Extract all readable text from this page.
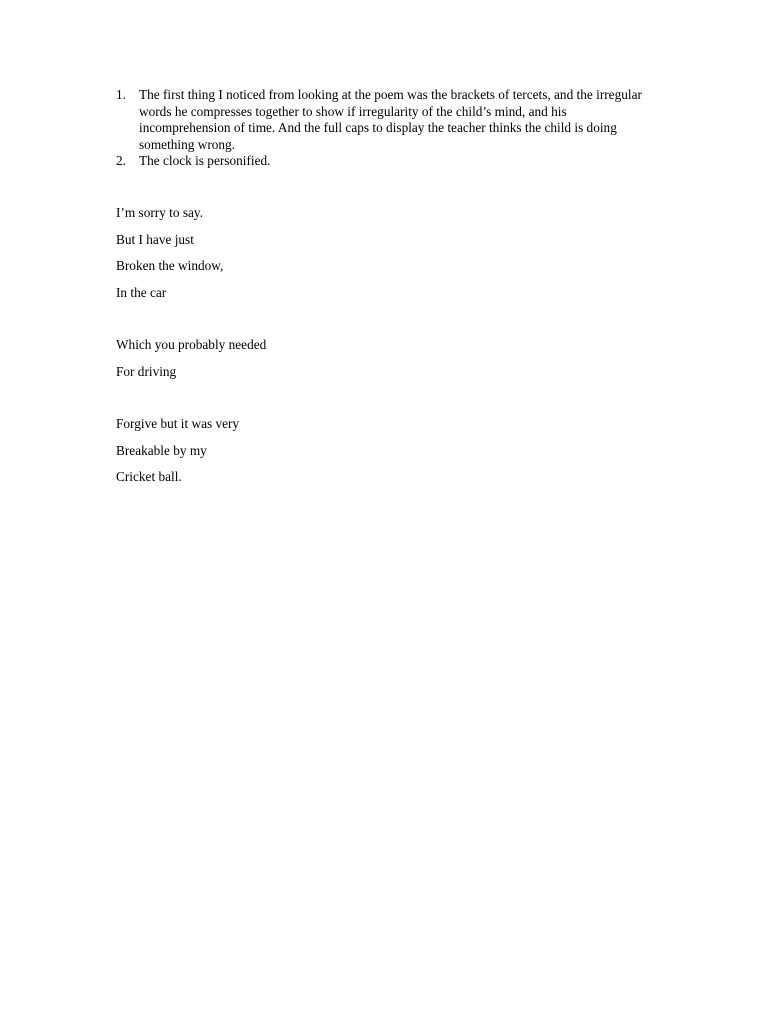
1. The first thing I noticed from looking at the poem was the brackets of tercets, and the irregular words he compresses together to show if irregularity of the child’s mind, and his incomprehension of time. And the full caps to display the teacher thinks the child is doing something wrong.
2. The clock is personified.
I’m sorry to say.
But I have just
Broken the window,
In the car
Which you probably needed
For driving
Forgive but it was very
Breakable by my
Cricket ball.
